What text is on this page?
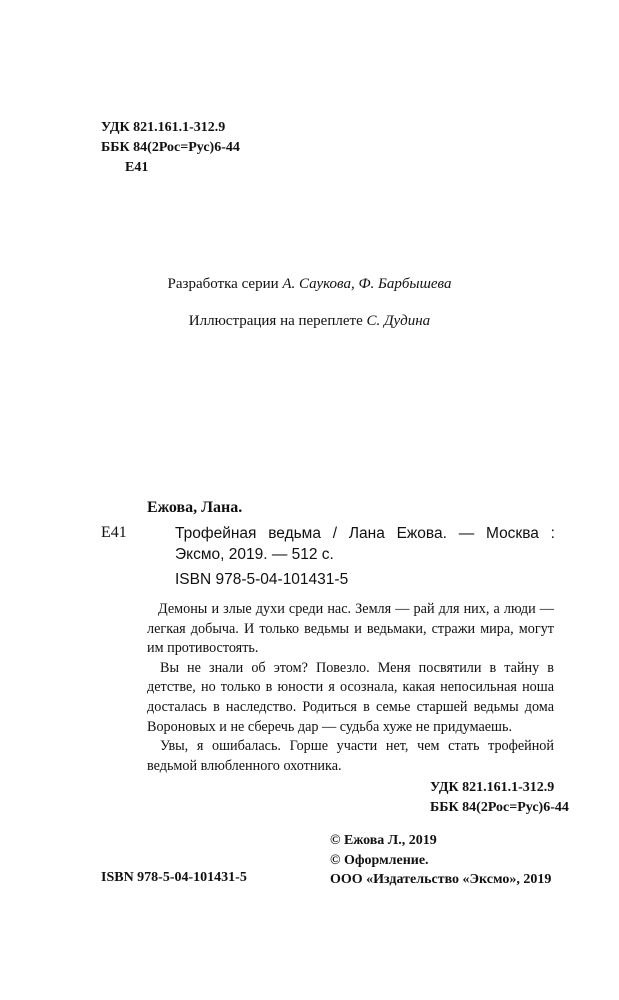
УДК 821.161.1-312.9
ББК 84(2Рос=Рус)6-44
Е41
Разработка серии А. Саукова, Ф. Барбышева
Иллюстрация на переплете С. Дудина
Ежова, Лана.
Е41	Трофейная ведьма / Лана Ежова. — Москва : Эксмо, 2019. — 512 с.
ISBN 978-5-04-101431-5

Демоны и злые духи среди нас. Земля — рай для них, а люди — легкая добыча. И только ведьмы и ведьмаки, стражи мира, могут им противостоять.

Вы не знали об этом? Повезло. Меня посвятили в тайну в детстве, но только в юности я осознала, какая непосильная ноша досталась в наследство. Родиться в семье старшей ведьмы дома Вороновых и не сберечь дар — судьба хуже не придумаешь.

Увы, я ошибалась. Горше участи нет, чем стать трофейной ведьмой влюбленного охотника.

УДК 821.161.1-312.9
ББК 84(2Рос=Рус)6-44
© Ежова Л., 2019
© Оформление.
ООО «Издательство «Эксмо», 2019
ISBN 978-5-04-101431-5
